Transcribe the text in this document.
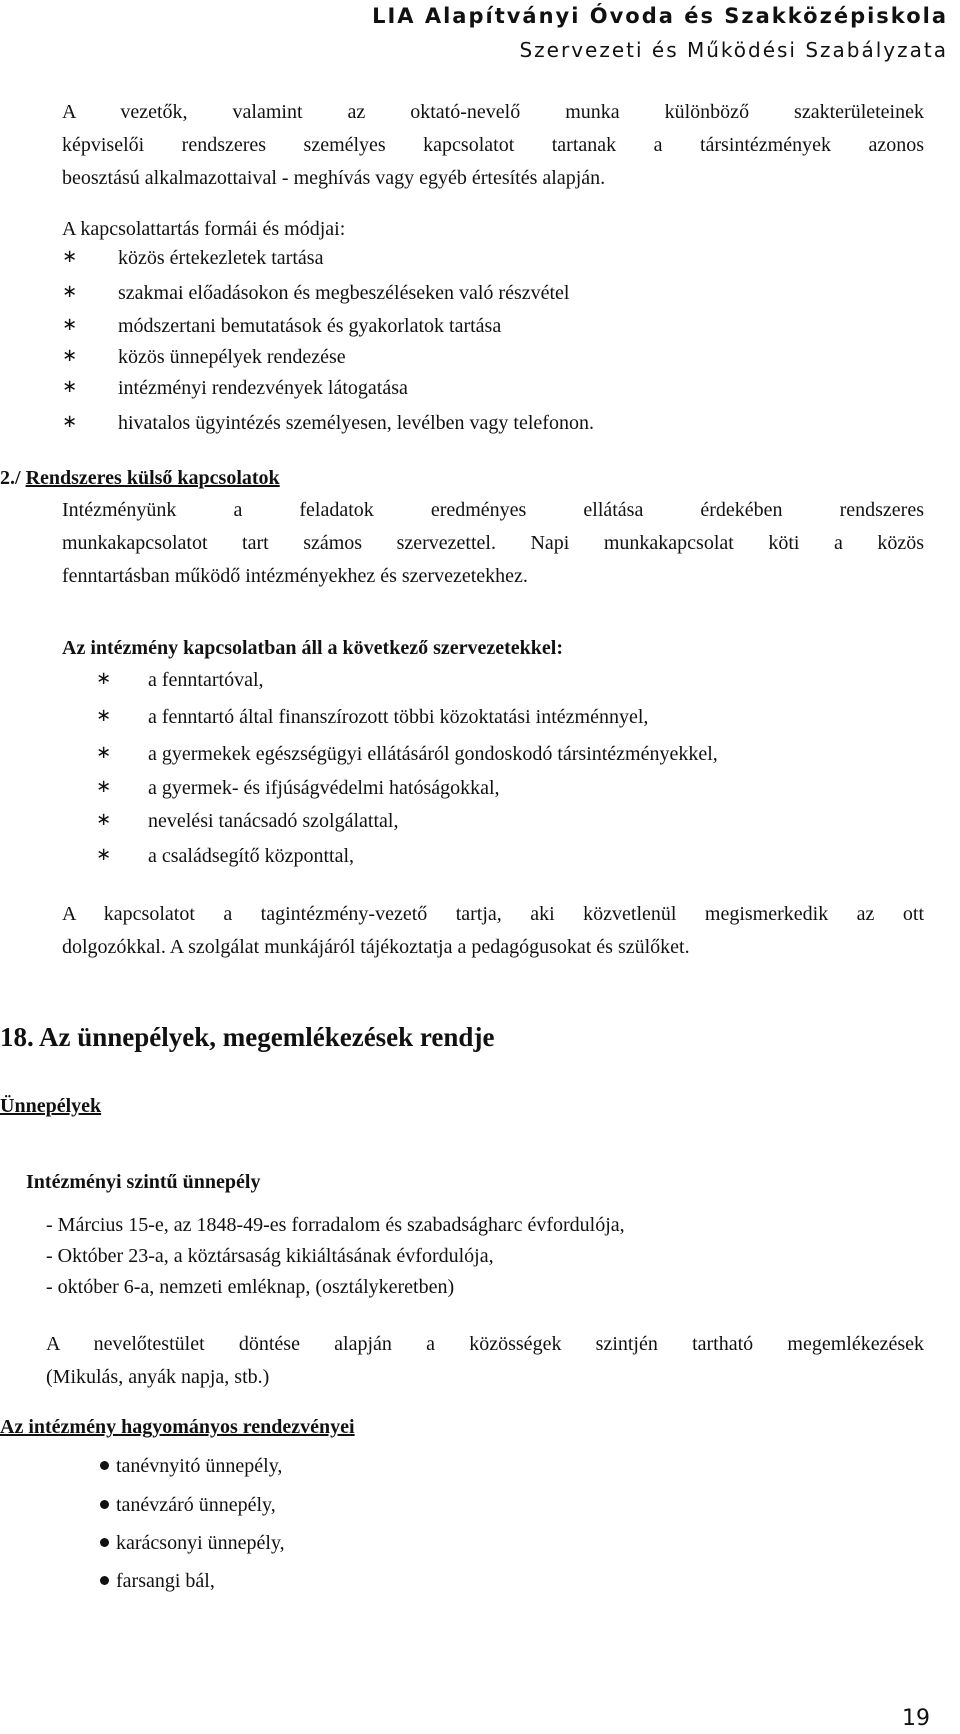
LIA Alapítványi Óvoda és Szakközépiskola
Szervezeti és Működési Szabályzata
A vezetők, valamint az oktató-nevelő munka különböző szakterületeinek
képviselői rendszeres személyes kapcsolatot tartanak a társintézmények azonos
beosztású alkalmazottaival - meghívás vagy egyéb értesítés alapján.
A kapcsolattartás formái és módjai:
∗ közös értekezletek tartása
∗ szakmai előadásokon és megbeszéléseken való részvétel
∗ módszertani bemutatások és gyakorlatok tartása
∗ közös ünnepélyek rendezése
∗ intézményi rendezvények látogatása
∗ hivatalos ügyintézés személyesen, levélben vagy telefonon.
2./ Rendszeres külső kapcsolatok
Intézményünk a feladatok eredményes ellátása érdekében rendszeres
munkakapcsolatot tart számos szervezettel. Napi munkakapcsolat köti a közös
fenntartásban működő intézményekhez és szervezetekhez.
Az intézmény kapcsolatban áll a következő szervezetekkel:
∗ a fenntartóval,
∗ a fenntartó által finanszírozott többi közoktatási intézménnyel,
∗ a gyermekek egészségügyi ellátásáról gondoskodó társintézményekkel,
∗ a gyermek- és ifjúságvédelmi hatóságokkal,
∗ nevelési tanácsadó szolgálattal,
∗ a családsegítő központtal,
A kapcsolatot a tagintézmény-vezető tartja, aki közvetlenül megismerkedik az ott
dolgozókkal. A szolgálat munkájáról tájékoztatja a pedagógusokat és szülőket.
18. Az ünnepélyek, megemlékezések rendje
Ünnepélyek
Intézményi szintű ünnepély
- Március 15-e, az 1848-49-es forradalom és szabadságharc évfordulója,
- Október 23-a, a köztársaság kikiáltásának évfordulója,
- október 6-a, nemzeti emléknap, (osztálykeretben)
A nevelőtestület döntése alapján a közösségek szintjén tartható megemlékezések
(Mikulás, anyák napja, stb.)
Az intézmény hagyományos rendezvényei
tanévnyitó ünnepély,
tanévzáró ünnepély,
karácsonyi ünnepély,
farsangi bál,
19
